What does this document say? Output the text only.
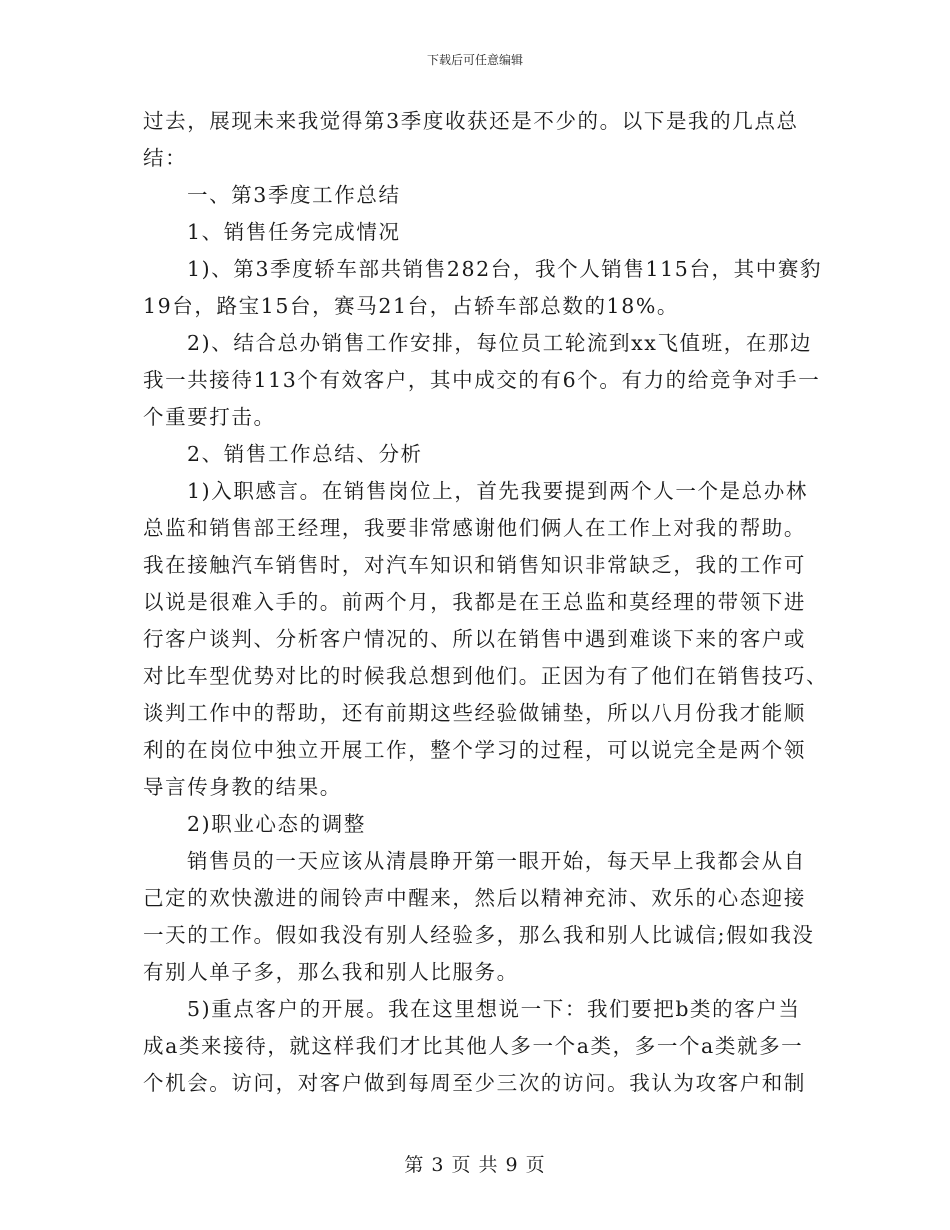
下载后可任意编辑
过去，展现未来我觉得第3季度收获还是不少的。以下是我的几点总
结：
一、第3季度工作总结
1、销售任务完成情况
1)、第3季度轿车部共销售282台，我个人销售115台，其中赛豹
19台，路宝15台，赛马21台，占轿车部总数的18%。
2)、结合总办销售工作安排，每位员工轮流到xx飞值班，在那边
我一共接待113个有效客户，其中成交的有6个。有力的给竞争对手一
个重要打击。
2、销售工作总结、分析
1)入职感言。在销售岗位上，首先我要提到两个人一个是总办林
总监和销售部王经理，我要非常感谢他们俩人在工作上对我的帮助。
我在接触汽车销售时，对汽车知识和销售知识非常缺乏，我的工作可
以说是很难入手的。前两个月，我都是在王总监和莫经理的带领下进
行客户谈判、分析客户情况的、所以在销售中遇到难谈下来的客户或
对比车型优势对比的时候我总想到他们。正因为有了他们在销售技巧、
谈判工作中的帮助，还有前期这些经验做铺垫，所以八月份我才能顺
利的在岗位中独立开展工作，整个学习的过程，可以说完全是两个领
导言传身教的结果。
2)职业心态的调整
销售员的一天应该从清晨睁开第一眼开始，每天早上我都会从自
己定的欢快激进的闹铃声中醒来，然后以精神充沛、欢乐的心态迎接
一天的工作。假如我没有别人经验多，那么我和别人比诚信;假如我没
有别人单子多，那么我和别人比服务。
5)重点客户的开展。我在这里想说一下：我们要把b类的客户当
成a类来接待，就这样我们才比其他人多一个a类，多一个a类就多一
个机会。访问，对客户做到每周至少三次的访问。我认为攻客户和制
第 3 页 共 9 页
